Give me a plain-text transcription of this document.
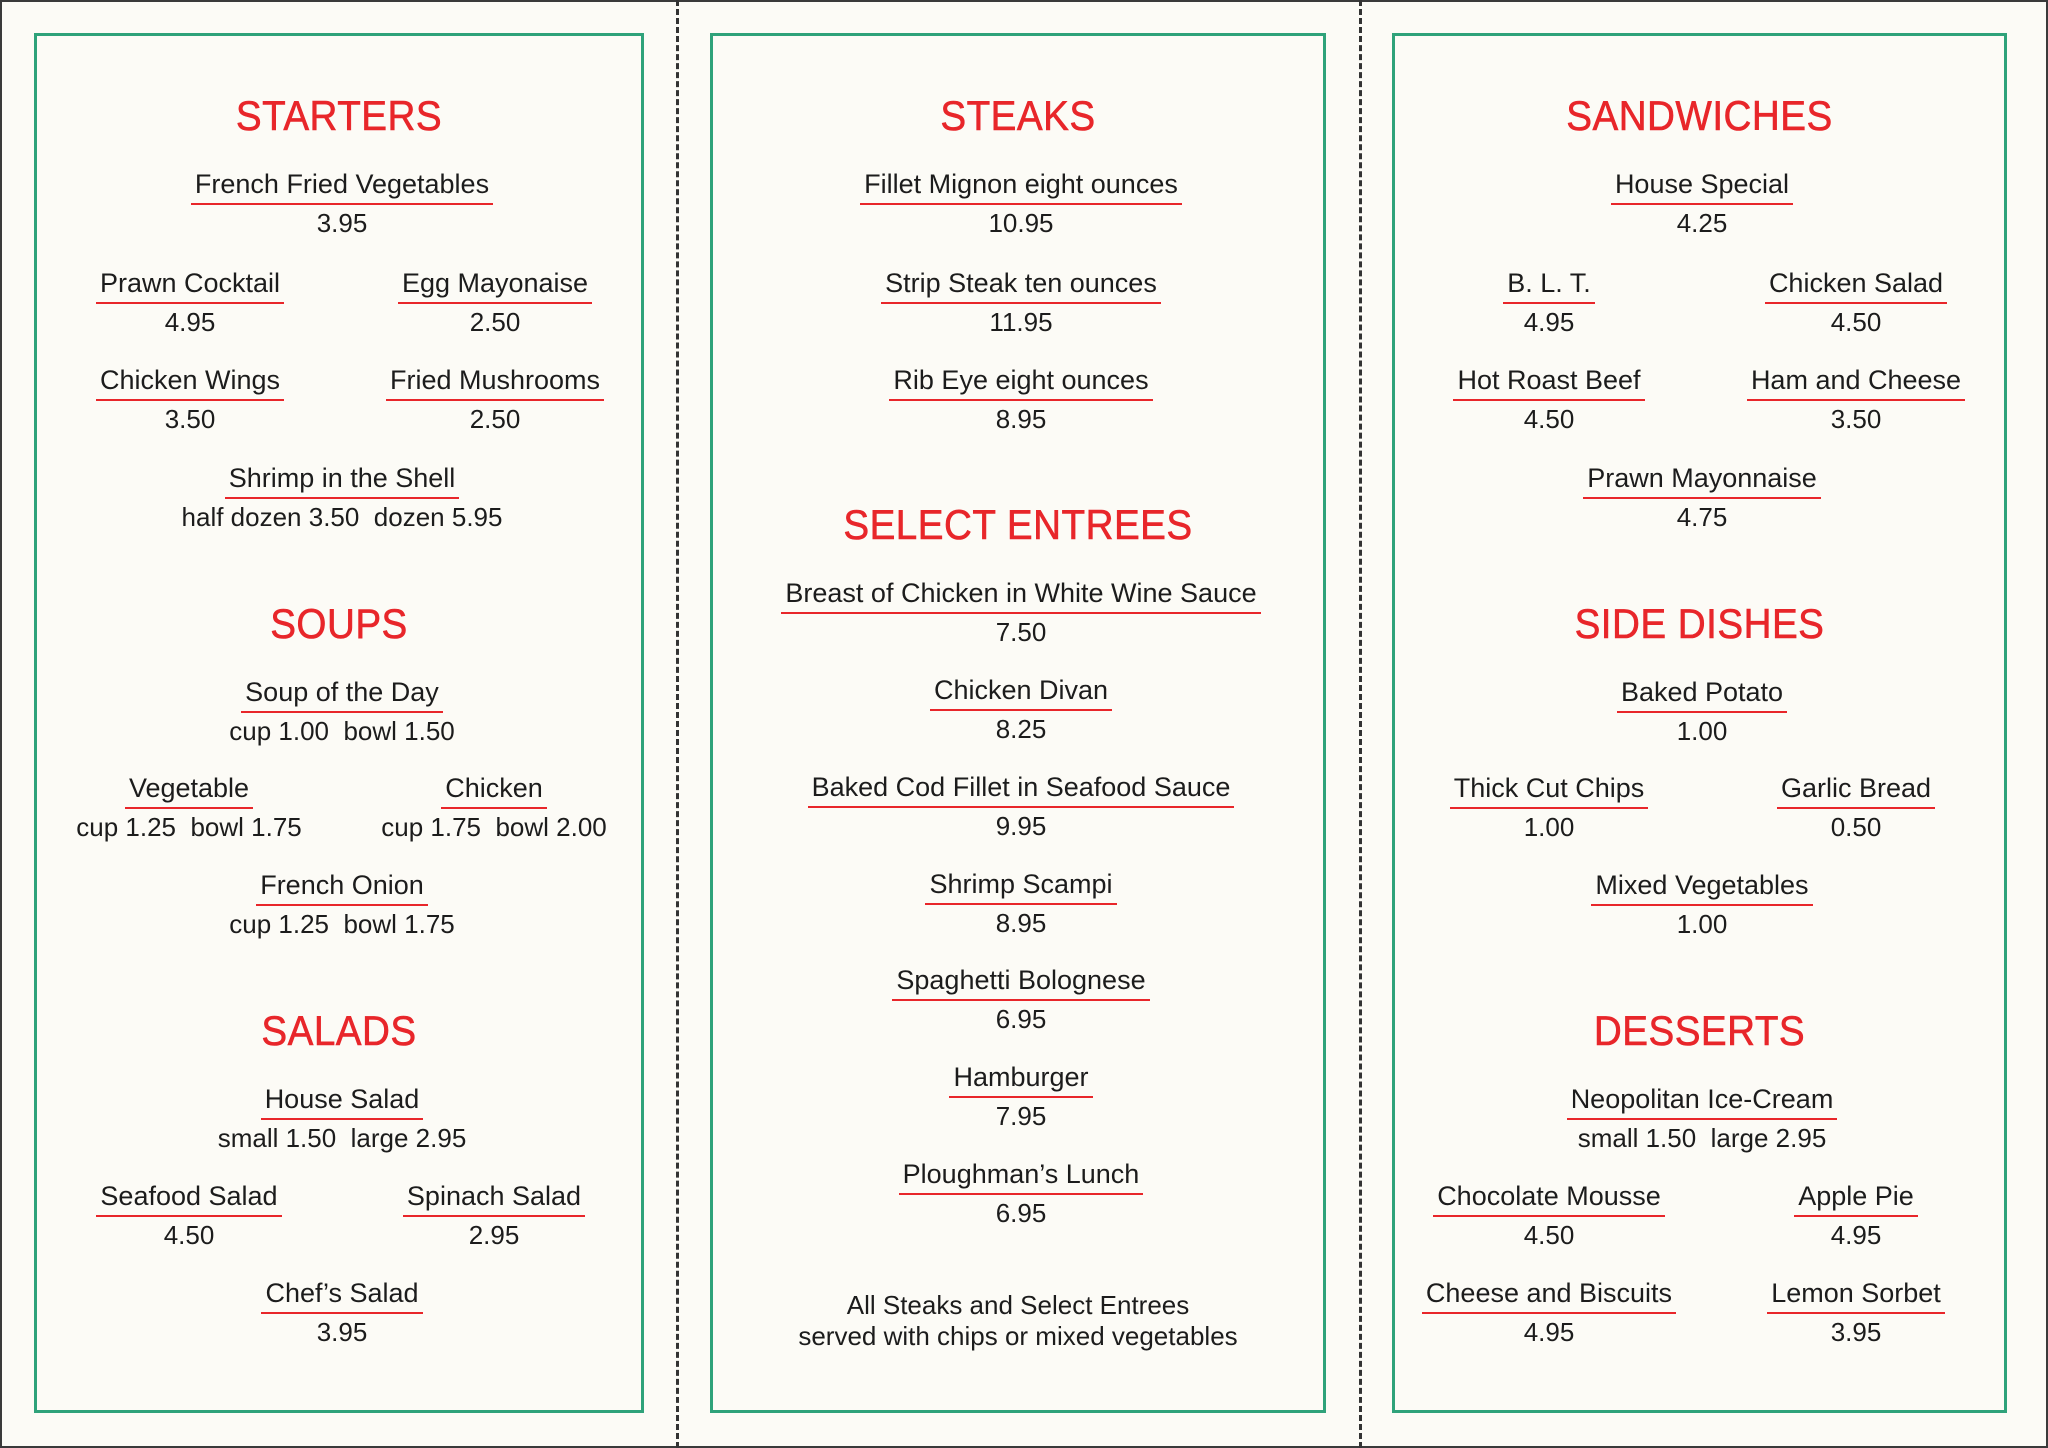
STARTERS
French Fried Vegetables
3.95
Prawn Cocktail
4.95
Egg Mayonaise
2.50
Chicken Wings
3.50
Fried Mushrooms
2.50
Shrimp in the Shell
half dozen 3.50  dozen 5.95
SOUPS
Soup of the Day
cup 1.00  bowl 1.50
Vegetable
cup 1.25  bowl 1.75
Chicken
cup 1.75  bowl 2.00
French Onion
cup 1.25  bowl 1.75
SALADS
House Salad
small 1.50  large 2.95
Seafood Salad
4.50
Spinach Salad
2.95
Chef’s Salad
3.95
STEAKS
Fillet Mignon eight ounces
10.95
Strip Steak ten ounces
11.95
Rib Eye eight ounces
8.95
SELECT ENTREES
Breast of Chicken in White Wine Sauce
7.50
Chicken Divan
8.25
Baked Cod Fillet in Seafood Sauce
9.95
Shrimp Scampi
8.95
Spaghetti Bolognese
6.95
Hamburger
7.95
Ploughman’s Lunch
6.95
All Steaks and Select Entrees
served with chips or mixed vegetables
SANDWICHES
House Special
4.25
B. L. T.
4.95
Chicken Salad
4.50
Hot Roast Beef
4.50
Ham and Cheese
3.50
Prawn Mayonnaise
4.75
SIDE DISHES
Baked Potato
1.00
Thick Cut Chips
1.00
Garlic Bread
0.50
Mixed Vegetables
1.00
DESSERTS
Neopolitan Ice-Cream
small 1.50  large 2.95
Chocolate Mousse
4.50
Apple Pie
4.95
Cheese and Biscuits
4.95
Lemon Sorbet
3.95
